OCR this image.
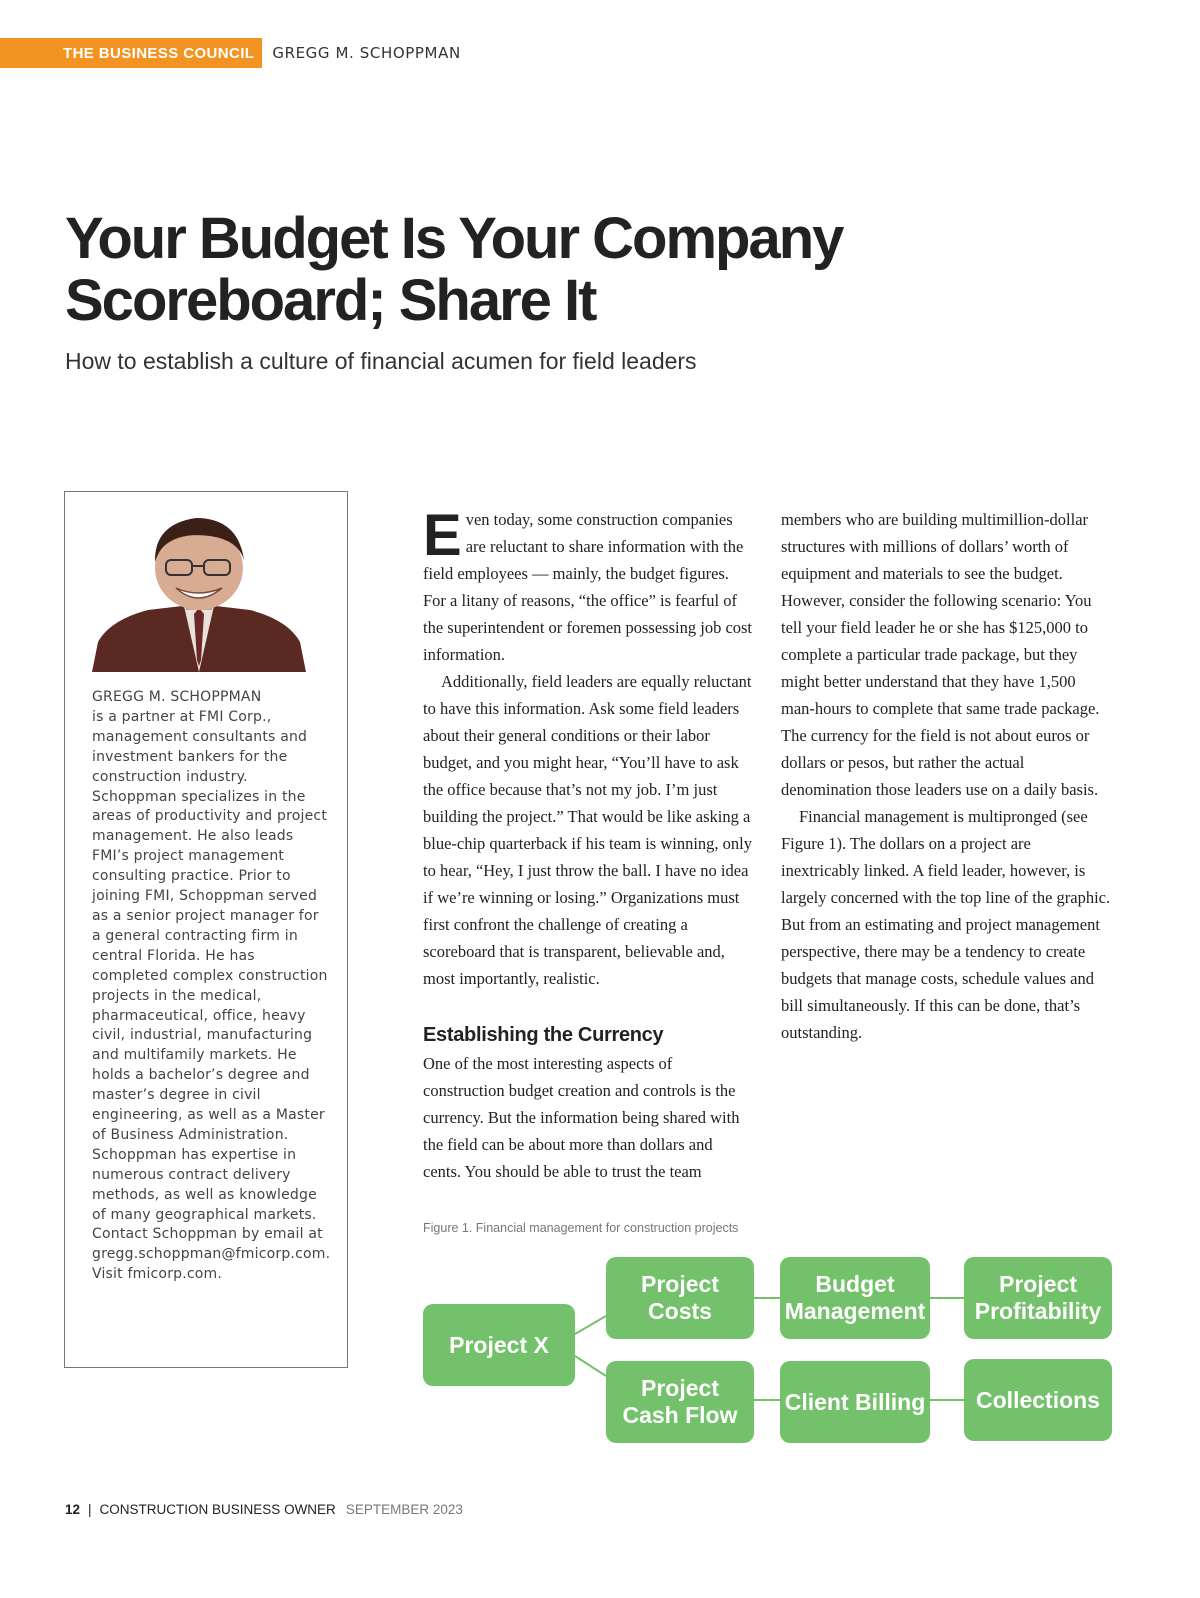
THE BUSINESS COUNCIL	GREGG M. SCHOPPMAN
Your Budget Is Your Company Scoreboard; Share It

How to establish a culture of financial acumen for field leaders

GREGG M. SCHOPPMAN
is a partner at FMI Corp., management consultants and investment bankers for the construction industry. Schoppman specializes in the areas of productivity and project management. He also leads FMI’s project management consulting practice. Prior to joining FMI, Schoppman served as a senior project manager for a general contracting firm in central Florida. He has completed complex construction projects in the medical, pharmaceutical, office, heavy civil, industrial, manufacturing and multifamily markets. He holds a bachelor’s degree and master’s degree in civil engineering, as well as a Master of Business Administration. Schoppman has expertise in numerous contract delivery methods, as well as knowledge of many geographical markets. Contact Schoppman by email at gregg.schoppman@fmicorp.com. Visit fmicorp.com.

Even today, some construction companies are reluctant to share information with the field employees — mainly, the budget figures. For a litany of reasons, “the office” is fearful of the superintendent or foremen possessing job cost information.

Additionally, field leaders are equally reluctant to have this information. Ask some field leaders about their general conditions or their labor budget, and you might hear, “You’ll have to ask the office because that’s not my job. I’m just building the project.” That would be like asking a blue-chip quarterback if his team is winning, only to hear, “Hey, I just throw the ball. I have no idea if we’re winning or losing.” Organizations must first confront the challenge of creating a scoreboard that is transparent, believable and, most importantly, realistic.

Establishing the Currency

One of the most interesting aspects of construction budget creation and controls is the currency. But the information being shared with the field can be about more than dollars and cents. You should be able to trust the team

members who are building multimillion-dollar structures with millions of dollars’ worth of equipment and materials to see the budget. However, consider the following scenario: You tell your field leader he or she has $125,000 to complete a particular trade package, but they might better understand that they have 1,500 man-hours to complete that same trade package. The currency for the field is not about euros or dollars or pesos, but rather the actual denomination those leaders use on a daily basis.

Financial management is multipronged (see Figure 1). The dollars on a project are inextricably linked. A field leader, however, is largely concerned with the top line of the graphic. But from an estimating and project management perspective, there may be a tendency to create budgets that manage costs, schedule values and bill simultaneously. If this can be done, that’s outstanding.

Figure 1. Financial management for construction projects
Project X
Project Costs
Budget Management
Project Profitability
Project Cash Flow
Client Billing	Collections
12 | CONSTRUCTION BUSINESS OWNER SEPTEMBER 2023
